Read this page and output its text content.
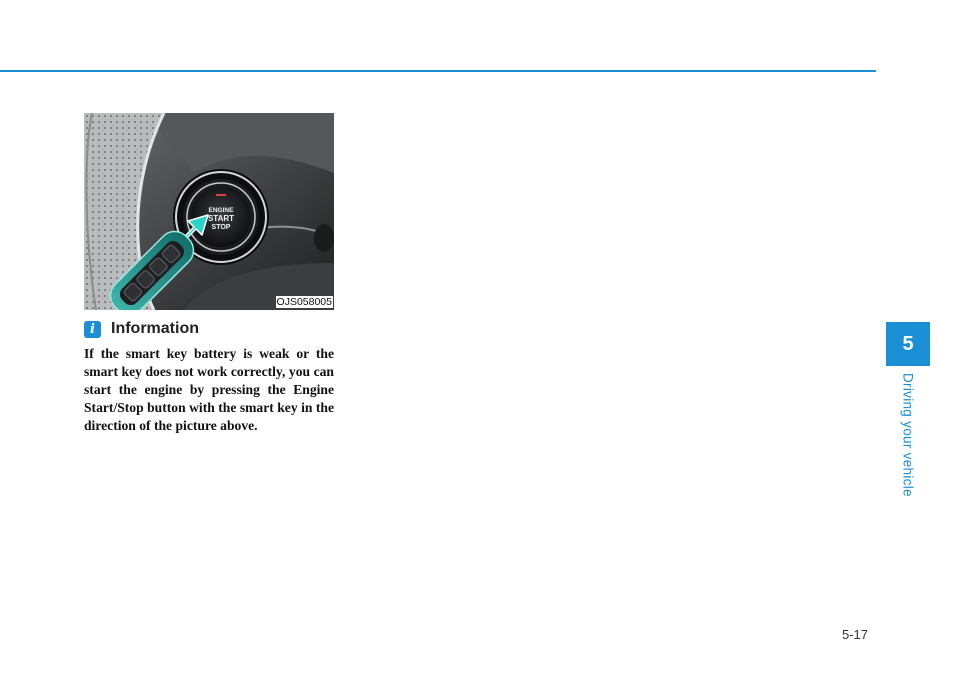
ENGINE
START
STOP
OJS058005
i	Information

If the smart key battery is weak or the smart key does not work correctly, you can start the engine by pressing the Engine Start/Stop button with the smart key in the direction of the picture above.

5
Driving your vehicle
5-17
